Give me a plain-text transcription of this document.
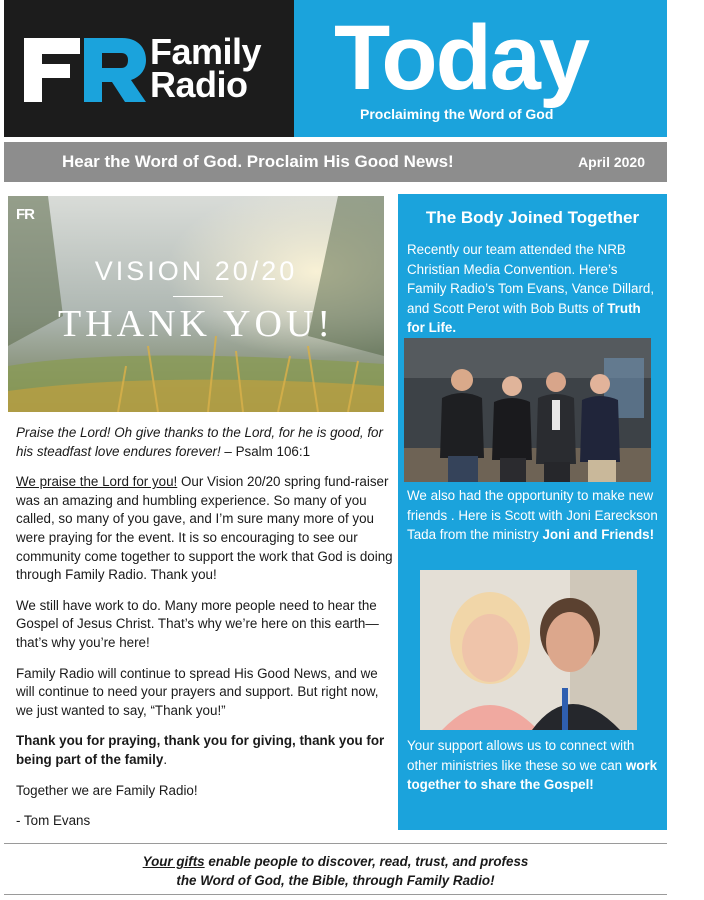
Family
Radio Today
Proclaiming the Word of God
Hear the Word of God. Proclaim His Good News!	April 2020
FR
VISION 20/20
THANK YOU!

Praise the Lord! Oh give thanks to the Lord, for he is good, for his steadfast love endures forever! – Psalm 106:1

We praise the Lord for you! Our Vision 20/20 spring fund-raiser was an amazing and humbling experience. So many of you called, so many of you gave, and I’m sure many more of you were praying for the event. It is so encouraging to see our community come together to support the work that God is doing through Family Radio. Thank you!

We still have work to do. Many more people need to hear the Gospel of Jesus Christ. That’s why we’re here on this earth—that’s why you’re here!

Family Radio will continue to spread His Good News, and we will continue to need your prayers and support. But right now, we just wanted to say, “Thank you!”

Thank you for praying, thank you for giving, thank you for being part of the family.

Together we are Family Radio!

- Tom Evans

The Body Joined Together
Recently our team attended the NRB Christian Media Convention. Here’s Family Radio’s Tom Evans, Vance Dillard, and Scott Perot with Bob Butts of Truth for Life.
We also had the opportunity to make new friends . Here is Scott with Joni Eareckson Tada from the ministry Joni and Friends!
Your support allows us to connect with other ministries like these so we can work together to share the Gospel!
Your gifts enable people to discover, read, trust, and profess
the Word of God, the Bible, through Family Radio!
